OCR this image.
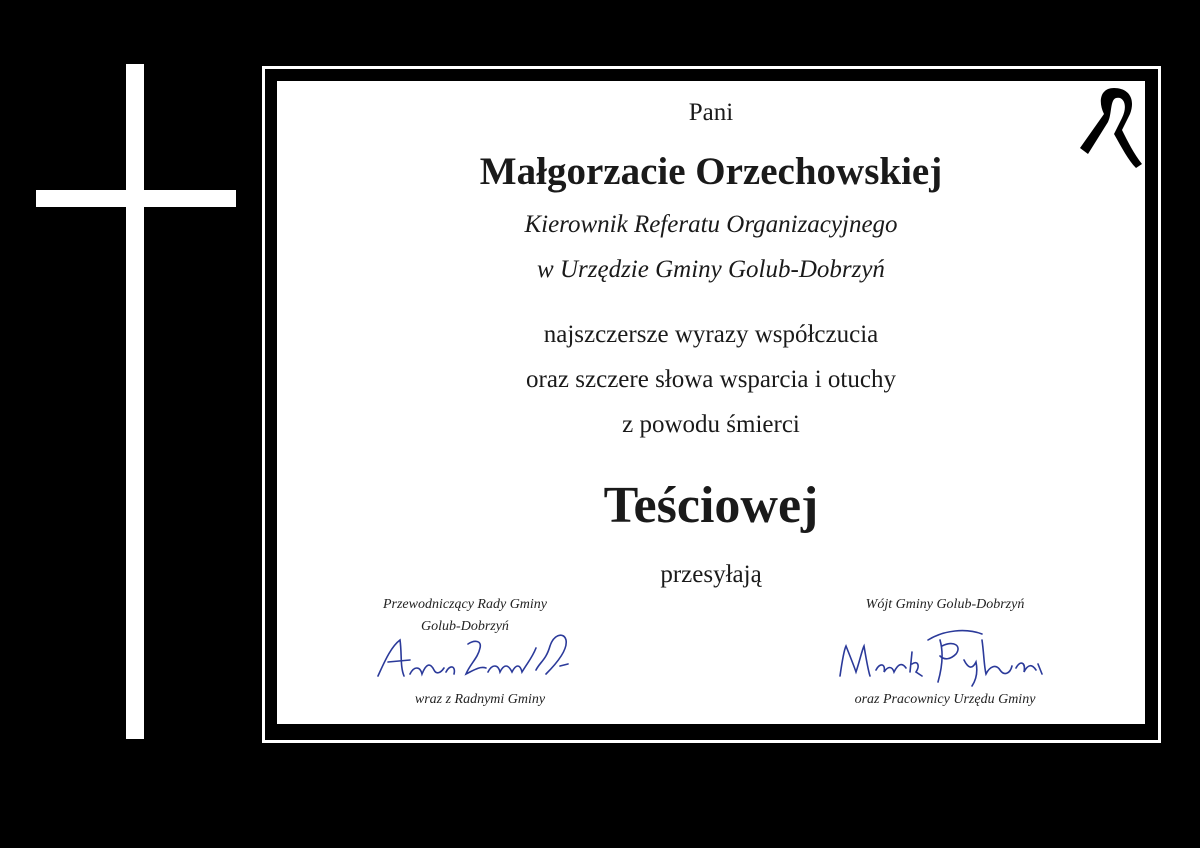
Pani

Małgorzacie Orzechowskiej

Kierownik Referatu Organizacyjnego

w Urzędzie Gminy Golub-Dobrzyń

najszczersze wyrazy współczucia

oraz szczere słowa wsparcia i otuchy

z powodu śmierci

Teściowej

przesyłają

Przewodniczący Rady Gminy
Golub-Dobrzyń
wraz z Radnymi Gminy
Wójt Gminy Golub-Dobrzyń
oraz Pracownicy Urzędu Gminy
